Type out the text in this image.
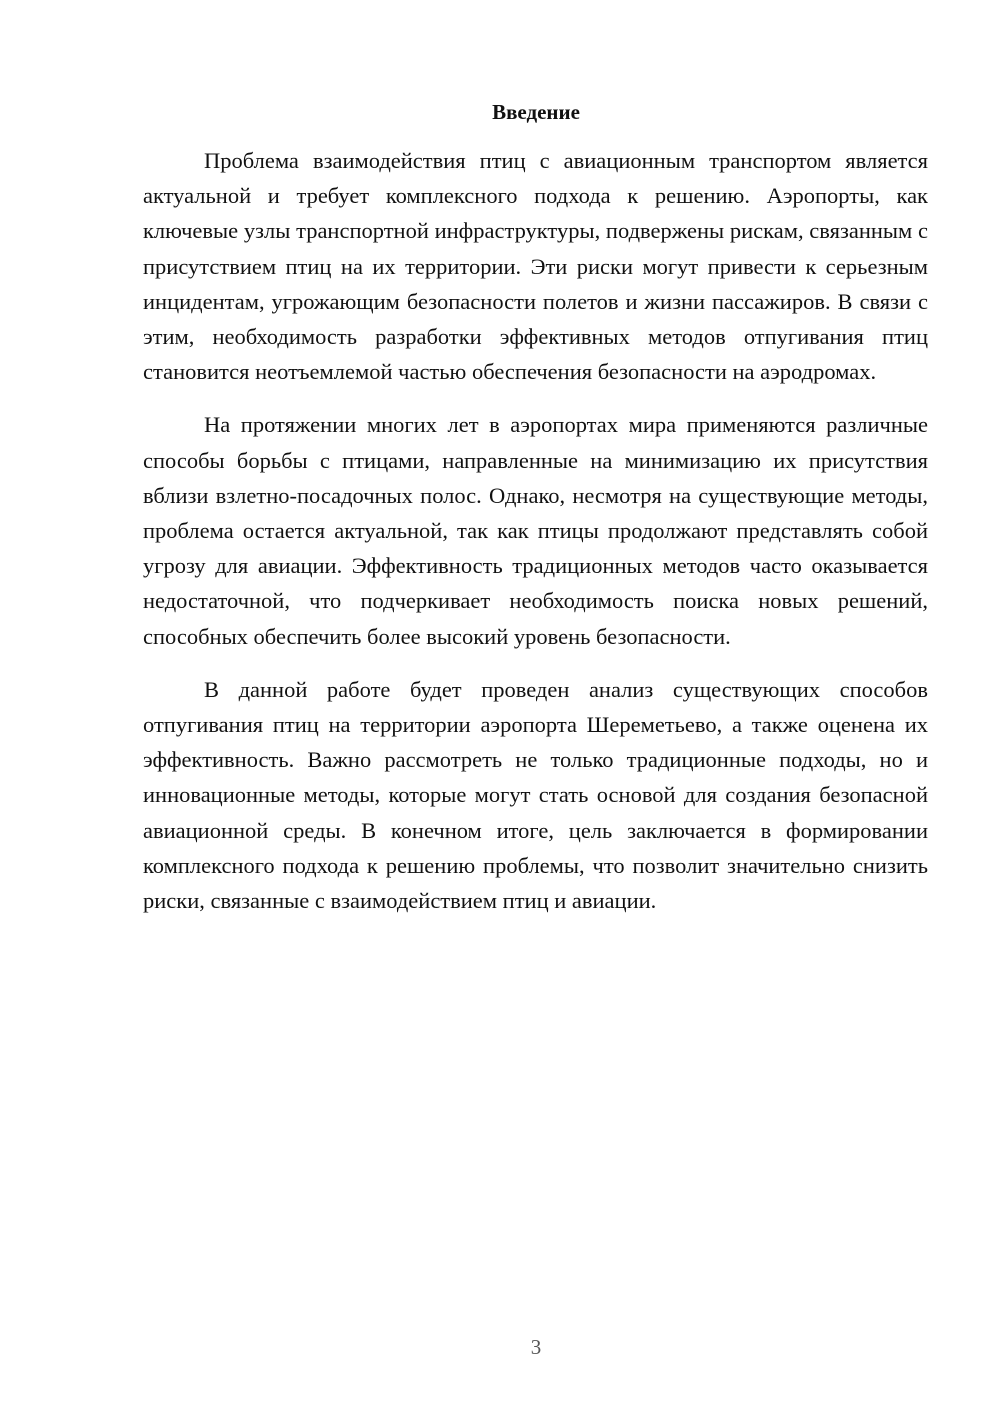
Введение

Проблема взаимодействия птиц с авиационным транспортом является актуальной и требует комплексного подхода к решению. Аэропорты, как ключевые узлы транспортной инфраструктуры, подвержены рискам, связанным с присутствием птиц на их территории. Эти риски могут привести к серьезным инцидентам, угрожающим безопасности полетов и жизни пассажиров. В связи с этим, необходимость разработки эффективных методов отпугивания птиц становится неотъемлемой частью обеспечения безопасности на аэродромах.

На протяжении многих лет в аэропортах мира применяются различные способы борьбы с птицами, направленные на минимизацию их присутствия вблизи взлетно-посадочных полос. Однако, несмотря на существующие методы, проблема остается актуальной, так как птицы продолжают представлять собой угрозу для авиации. Эффективность традиционных методов часто оказывается недостаточной, что подчеркивает необходимость поиска новых решений, способных обеспечить более высокий уровень безопасности.

В данной работе будет проведен анализ существующих способов отпугивания птиц на территории аэропорта Шереметьево, а также оценена их эффективность. Важно рассмотреть не только традиционные подходы, но и инновационные методы, которые могут стать основой для создания безопасной авиационной среды. В конечном итоге, цель заключается в формировании комплексного подхода к решению проблемы, что позволит значительно снизить риски, связанные с взаимодействием птиц и авиации.

3
